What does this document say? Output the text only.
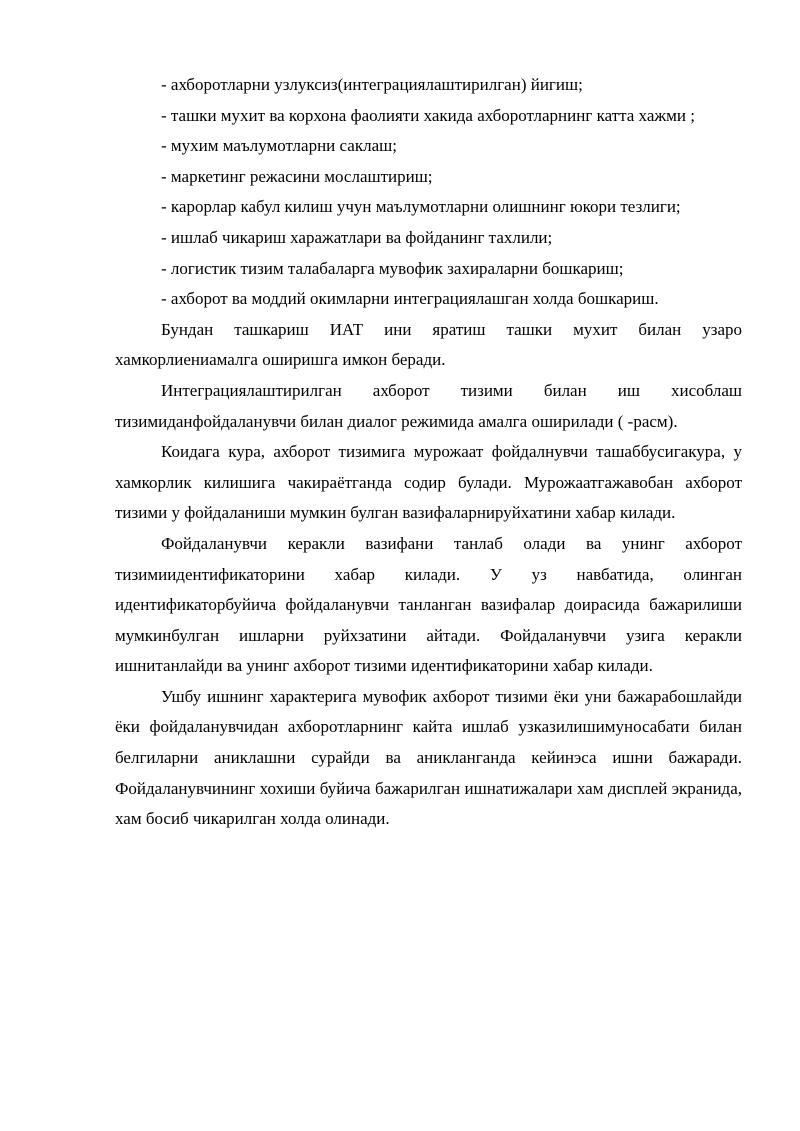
- ахборотларни узлуксиз(интеграциялаштирилган) йигиш;

- ташки мухит ва корхона фаолияти хакида ахборотларнинг катта хажми ;

- мухим маълумотларни саклаш;

- маркетинг режасини мослаштириш;

- карорлар кабул килиш учун маълумотларни олишнинг юкори тезлиги;

- ишлаб чикариш харажатлари ва фойданинг тахлили;

- логистик тизим талабаларга мувофик захираларни бошкариш;

- ахборот ва моддий окимларни интеграциялашган холда бошкариш.

Бундан ташкариш ИАТ ини яратиш ташки мухит билан узаро хамкорлиениамалга оширишга имкон беради.

Интеграциялаштирилган ахборот тизими билан иш хисоблаш тизимиданфойдаланувчи билан диалог режимида амалга оширилади ( -расм).

Коидага кура, ахборот тизимига мурожаат фойдалнувчи ташаббусигакура, у хамкорлик килишига чакираётганда содир булади. Мурожаатгажавобан ахборот тизими у фойдаланиши мумкин булган вазифаларнируйхатини хабар килади.

Фойдаланувчи керакли вазифани танлаб олади ва унинг ахборот тизимиидентификаторини хабар килади. У уз навбатида, олинган идентификаторбуйича фойдаланувчи танланган вазифалар доирасида бажарилиши мумкинбулган ишларни руйхзатини айтади. Фойдаланувчи узига керакли ишнитанлайди ва унинг ахборот тизими идентификаторини хабар килади.

Ушбу ишнинг характерига мувофик ахборот тизими ёки уни бажарабошлайди ёки фойдаланувчидан ахборотларнинг кайта ишлаб узказилишимуносабати билан белгиларни аниклашни сурайди ва аникланганда кейинэса ишни бажаради. Фойдаланувчининг хохиши буйича бажарилган ишнатижалари хам дисплей экранида, хам босиб чикарилган холда олинади.
